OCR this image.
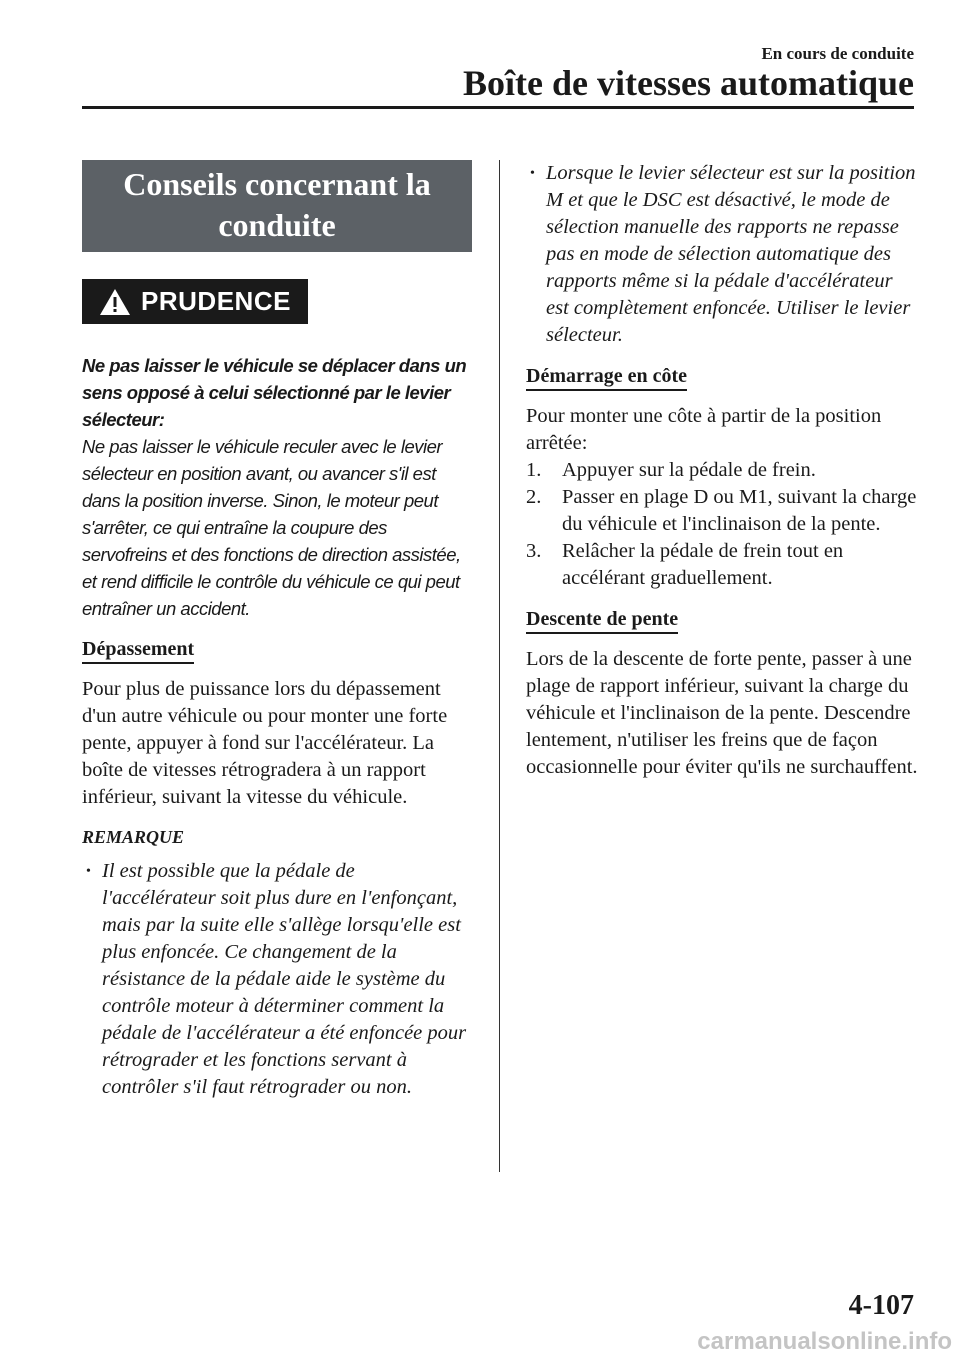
En cours de conduite
Boîte de vitesses automatique
Conseils concernant la conduite
PRUDENCE

Ne pas laisser le véhicule se déplacer dans un sens opposé à celui sélectionné par le levier sélecteur:

Ne pas laisser le véhicule reculer avec le levier sélecteur en position avant, ou avancer s'il est dans la position inverse. Sinon, le moteur peut s'arrêter, ce qui entraîne la coupure des servofreins et des fonctions de direction assistée, et rend difficile le contrôle du véhicule ce qui peut entraîner un accident.

Dépassement
Pour plus de puissance lors du dépassement d'un autre véhicule ou pour monter une forte pente, appuyer à fond sur l'accélérateur. La boîte de vitesses rétrogradera à un rapport inférieur, suivant la vitesse du véhicule.
REMARQUE
• Il est possible que la pédale de l'accélérateur soit plus dure en l'enfonçant, mais par la suite elle s'allège lorsqu'elle est plus enfoncée. Ce changement de la résistance de la pédale aide le système du contrôle moteur à déterminer comment la pédale de l'accélérateur a été enfoncée pour rétrograder et les fonctions servant à contrôler s'il faut rétrograder ou non.
• Lorsque le levier sélecteur est sur la position M et que le DSC est désactivé, le mode de sélection manuelle des rapports ne repasse pas en mode de sélection automatique des rapports même si la pédale d'accélérateur est complètement enfoncée. Utiliser le levier sélecteur.
Démarrage en côte
Pour monter une côte à partir de la position arrêtée:
1. Appuyer sur la pédale de frein.
2. Passer en plage D ou M1, suivant la charge du véhicule et l'inclinaison de la pente.
3. Relâcher la pédale de frein tout en accélérant graduellement.
Descente de pente
Lors de la descente de forte pente, passer à une plage de rapport inférieur, suivant la charge du véhicule et l'inclinaison de la pente. Descendre lentement, n'utiliser les freins que de façon occasionnelle pour éviter qu'ils ne surchauffent.
4-107
carmanualsonline.info
